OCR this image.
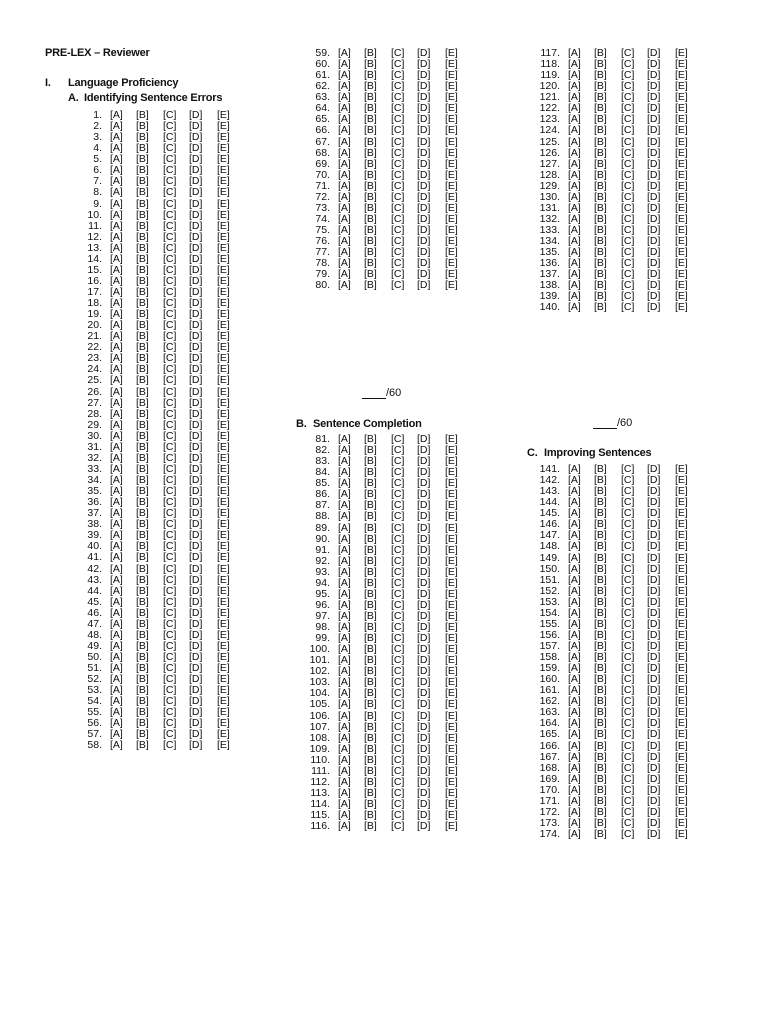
PRE-LEX – Reviewer
I. Language Proficiency
A. Identifying Sentence Errors
/60
B. Sentence Completion	/60
C. Improving Sentences
1. [A] [B] [C] [D] [E]
2. [A] [B] [C] [D] [E]
3. [A] [B] [C] [D] [E]
4. [A] [B] [C] [D] [E]
5. [A] [B] [C] [D] [E]
6. [A] [B] [C] [D] [E]
7. [A] [B] [C] [D] [E]
8. [A] [B] [C] [D] [E]
9. [A] [B] [C] [D] [E]
10. [A] [B] [C] [D] [E]
11. [A] [B] [C] [D] [E]
12. [A] [B] [C] [D] [E]
13. [A] [B] [C] [D] [E]
14. [A] [B] [C] [D] [E]
15. [A] [B] [C] [D] [E]
16. [A] [B] [C] [D] [E]
17. [A] [B] [C] [D] [E]
18. [A] [B] [C] [D] [E]
19. [A] [B] [C] [D] [E]
20. [A] [B] [C] [D] [E]
21. [A] [B] [C] [D] [E]
22. [A] [B] [C] [D] [E]
23. [A] [B] [C] [D] [E]
24. [A] [B] [C] [D] [E]
25. [A] [B] [C] [D] [E]
26. [A] [B] [C] [D] [E]
27. [A] [B] [C] [D] [E]
28. [A] [B] [C] [D] [E]
29. [A] [B] [C] [D] [E]
30. [A] [B] [C] [D] [E]
31. [A] [B] [C] [D] [E]
32. [A] [B] [C] [D] [E]
33. [A] [B] [C] [D] [E]
34. [A] [B] [C] [D] [E]
35. [A] [B] [C] [D] [E]
36. [A] [B] [C] [D] [E]
37. [A] [B] [C] [D] [E]
38. [A] [B] [C] [D] [E]
39. [A] [B] [C] [D] [E]
40. [A] [B] [C] [D] [E]
41. [A] [B] [C] [D] [E]
42. [A] [B] [C] [D] [E]
43. [A] [B] [C] [D] [E]
44. [A] [B] [C] [D] [E]
45. [A] [B] [C] [D] [E]
46. [A] [B] [C] [D] [E]
47. [A] [B] [C] [D] [E]
48. [A] [B] [C] [D] [E]
49. [A] [B] [C] [D] [E]
50. [A] [B] [C] [D] [E]
51. [A] [B] [C] [D] [E]
52. [A] [B] [C] [D] [E]
53. [A] [B] [C] [D] [E]
54. [A] [B] [C] [D] [E]
55. [A] [B] [C] [D] [E]
56. [A] [B] [C] [D] [E]
57. [A] [B] [C] [D] [E]
58. [A] [B] [C] [D] [E]
59. [A] [B] [C] [D] [E]
60. [A] [B] [C] [D] [E]
61. [A] [B] [C] [D] [E]
62. [A] [B] [C] [D] [E]
63. [A] [B] [C] [D] [E]
64. [A] [B] [C] [D] [E]
65. [A] [B] [C] [D] [E]
66. [A] [B] [C] [D] [E]
67. [A] [B] [C] [D] [E]
68. [A] [B] [C] [D] [E]
69. [A] [B] [C] [D] [E]
70. [A] [B] [C] [D] [E]
71. [A] [B] [C] [D] [E]
72. [A] [B] [C] [D] [E]
73. [A] [B] [C] [D] [E]
74. [A] [B] [C] [D] [E]
75. [A] [B] [C] [D] [E]
76. [A] [B] [C] [D] [E]
77. [A] [B] [C] [D] [E]
78. [A] [B] [C] [D] [E]
79. [A] [B] [C] [D] [E]
80. [A] [B] [C] [D] [E]
81. [A] [B] [C] [D] [E]
82. [A] [B] [C] [D] [E]
83. [A] [B] [C] [D] [E]
84. [A] [B] [C] [D] [E]
85. [A] [B] [C] [D] [E]
86. [A] [B] [C] [D] [E]
87. [A] [B] [C] [D] [E]
88. [A] [B] [C] [D] [E]
89. [A] [B] [C] [D] [E]
90. [A] [B] [C] [D] [E]
91. [A] [B] [C] [D] [E]
92. [A] [B] [C] [D] [E]
93. [A] [B] [C] [D] [E]
94. [A] [B] [C] [D] [E]
95. [A] [B] [C] [D] [E]
96. [A] [B] [C] [D] [E]
97. [A] [B] [C] [D] [E]
98. [A] [B] [C] [D] [E]
99. [A] [B] [C] [D] [E]
100. [A] [B] [C] [D] [E]
101. [A] [B] [C] [D] [E]
102. [A] [B] [C] [D] [E]
103. [A] [B] [C] [D] [E]
104. [A] [B] [C] [D] [E]
105. [A] [B] [C] [D] [E]
106. [A] [B] [C] [D] [E]
107. [A] [B] [C] [D] [E]
108. [A] [B] [C] [D] [E]
109. [A] [B] [C] [D] [E]
110. [A] [B] [C] [D] [E]
111. [A] [B] [C] [D] [E]
112. [A] [B] [C] [D] [E]
113. [A] [B] [C] [D] [E]
114. [A] [B] [C] [D] [E]
115. [A] [B] [C] [D] [E]
116. [A] [B] [C] [D] [E]
117. [A] [B] [C] [D] [E]
118. [A] [B] [C] [D] [E]
119. [A] [B] [C] [D] [E]
120. [A] [B] [C] [D] [E]
121. [A] [B] [C] [D] [E]
122. [A] [B] [C] [D] [E]
123. [A] [B] [C] [D] [E]
124. [A] [B] [C] [D] [E]
125. [A] [B] [C] [D] [E]
126. [A] [B] [C] [D] [E]
127. [A] [B] [C] [D] [E]
128. [A] [B] [C] [D] [E]
129. [A] [B] [C] [D] [E]
130. [A] [B] [C] [D] [E]
131. [A] [B] [C] [D] [E]
132. [A] [B] [C] [D] [E]
133. [A] [B] [C] [D] [E]
134. [A] [B] [C] [D] [E]
135. [A] [B] [C] [D] [E]
136. [A] [B] [C] [D] [E]
137. [A] [B] [C] [D] [E]
138. [A] [B] [C] [D] [E]
139. [A] [B] [C] [D] [E]
140. [A] [B] [C] [D] [E]
141. [A] [B] [C] [D] [E]
142. [A] [B] [C] [D] [E]
143. [A] [B] [C] [D] [E]
144. [A] [B] [C] [D] [E]
145. [A] [B] [C] [D] [E]
146. [A] [B] [C] [D] [E]
147. [A] [B] [C] [D] [E]
148. [A] [B] [C] [D] [E]
149. [A] [B] [C] [D] [E]
150. [A] [B] [C] [D] [E]
151. [A] [B] [C] [D] [E]
152. [A] [B] [C] [D] [E]
153. [A] [B] [C] [D] [E]
154. [A] [B] [C] [D] [E]
155. [A] [B] [C] [D] [E]
156. [A] [B] [C] [D] [E]
157. [A] [B] [C] [D] [E]
158. [A] [B] [C] [D] [E]
159. [A] [B] [C] [D] [E]
160. [A] [B] [C] [D] [E]
161. [A] [B] [C] [D] [E]
162. [A] [B] [C] [D] [E]
163. [A] [B] [C] [D] [E]
164. [A] [B] [C] [D] [E]
165. [A] [B] [C] [D] [E]
166. [A] [B] [C] [D] [E]
167. [A] [B] [C] [D] [E]
168. [A] [B] [C] [D] [E]
169. [A] [B] [C] [D] [E]
170. [A] [B] [C] [D] [E]
171. [A] [B] [C] [D] [E]
172. [A] [B] [C] [D] [E]
173. [A] [B] [C] [D] [E]
174. [A] [B] [C] [D] [E]
